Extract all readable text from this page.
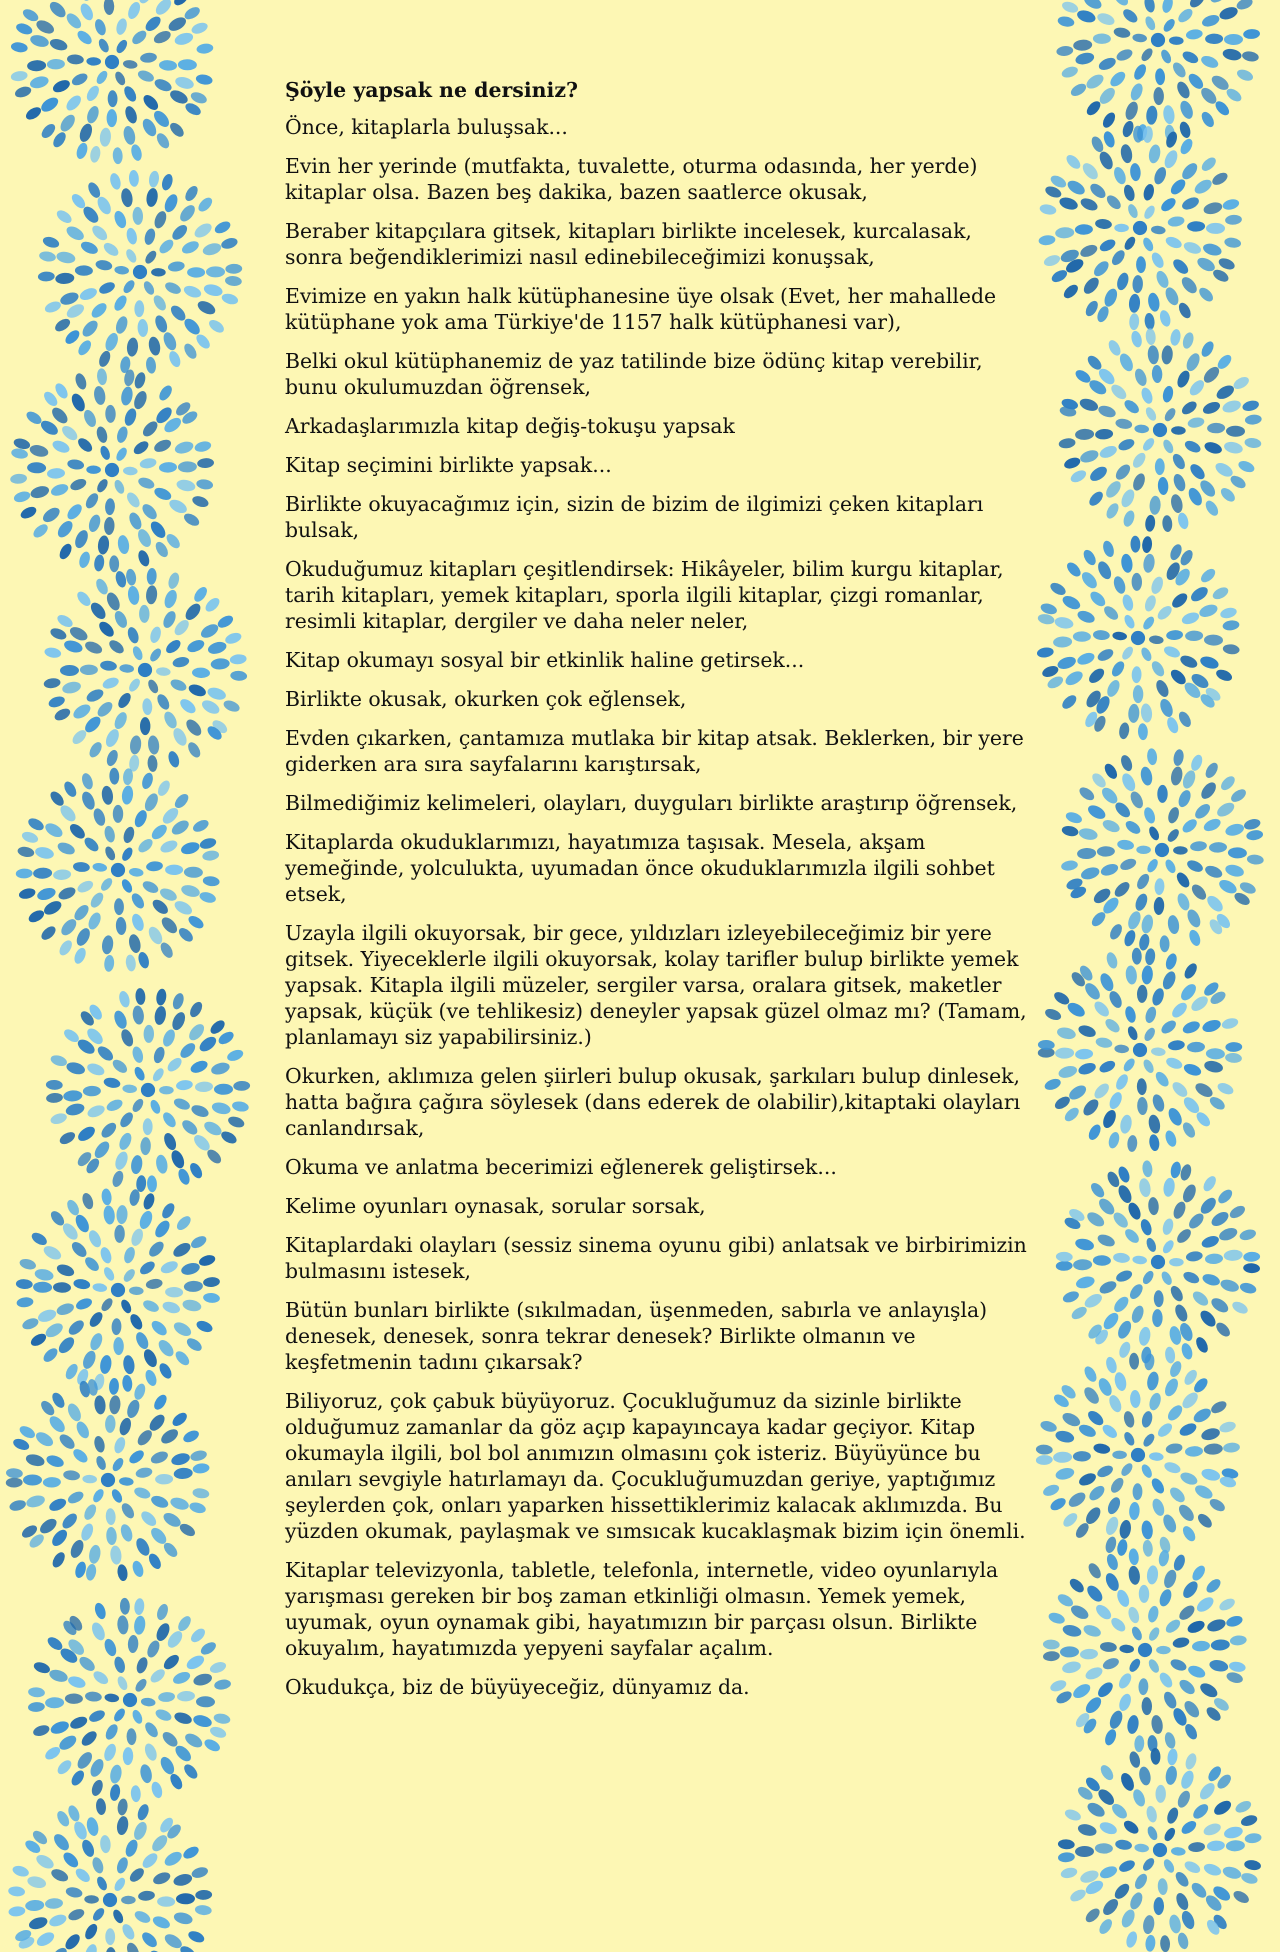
Şöyle yapsak ne dersiniz?

Önce, kitaplarla buluşsak...

Evin her yerinde (mutfakta, tuvalette, oturma odasında, her yerde) kitaplar olsa. Bazen beş dakika, bazen saatlerce okusak,

Beraber kitapçılara gitsek, kitapları birlikte incelesek, kurcalasak, sonra beğendiklerimizi nasıl edinebileceğimizi konuşsak,

Evimize en yakın halk kütüphanesine üye olsak (Evet, her mahallede kütüphane yok ama Türkiye'de 1157 halk kütüphanesi var),

Belki okul kütüphanemiz de yaz tatilinde bize ödünç kitap verebilir, bunu okulumuzdan öğrensek,

Arkadaşlarımızla kitap değiş-tokuşu yapsak

Kitap seçimini birlikte yapsak...

Birlikte okuyacağımız için, sizin de bizim de ilgimizi çeken kitapları bulsak,

Okuduğumuz kitapları çeşitlendirsek: Hikâyeler, bilim kurgu kitaplar, tarih kitapları, yemek kitapları, sporla ilgili kitaplar, çizgi romanlar, resimli kitaplar, dergiler ve daha neler neler,

Kitap okumayı sosyal bir etkinlik haline getirsek...

Birlikte okusak, okurken çok eğlensek,

Evden çıkarken, çantamıza mutlaka bir kitap atsak. Beklerken, bir yere giderken ara sıra sayfalarını karıştırsak,

Bilmediğimiz kelimeleri, olayları, duyguları birlikte araştırıp öğrensek,

Kitaplarda okuduklarımızı, hayatımıza taşısak. Mesela, akşam yemeğinde, yolculukta, uyumadan önce okuduklarımızla ilgili sohbet etsek,

Uzayla ilgili okuyorsak, bir gece, yıldızları izleyebileceğimiz bir yere gitsek. Yiyeceklerle ilgili okuyorsak, kolay tarifler bulup birlikte yemek yapsak. Kitapla ilgili müzeler, sergiler varsa, oralara gitsek, maketler yapsak, küçük (ve tehlikesiz) deneyler yapsak güzel olmaz mı? (Tamam, planlamayı siz yapabilirsiniz.)

Okurken, aklımıza gelen şiirleri bulup okusak, şarkıları bulup dinlesek, hatta bağıra çağıra söylesek (dans ederek de olabilir),kitaptaki olayları canlandırsak,

Okuma ve anlatma becerimizi eğlenerek geliştirsek...

Kelime oyunları oynasak, sorular sorsak,

Kitaplardaki olayları (sessiz sinema oyunu gibi) anlatsak ve birbirimizin bulmasını istesek,

Bütün bunları birlikte (sıkılmadan, üşenmeden, sabırla ve anlayışla) denesek, denesek, sonra tekrar denesek? Birlikte olmanın ve keşfetmenin tadını çıkarsak?

Biliyoruz, çok çabuk büyüyoruz. Çocukluğumuz da sizinle birlikte olduğumuz zamanlar da göz açıp kapayıncaya kadar geçiyor. Kitap okumayla ilgili, bol bol anımızın olmasını çok isteriz. Büyüyünce bu anıları sevgiyle hatırlamayı da. Çocukluğumuzdan geriye, yaptığımız şeylerden çok, onları yaparken hissettiklerimiz kalacak aklımızda. Bu yüzden okumak, paylaşmak ve sımsıcak kucaklaşmak bizim için önemli.

Kitaplar televizyonla, tabletle, telefonla, internetle, video oyunlarıyla yarışması gereken bir boş zaman etkinliği olmasın. Yemek yemek, uyumak, oyun oynamak gibi, hayatımızın bir parçası olsun. Birlikte okuyalım, hayatımızda yepyeni sayfalar açalım.

Okudukça, biz de büyüyeceğiz, dünyamız da.
